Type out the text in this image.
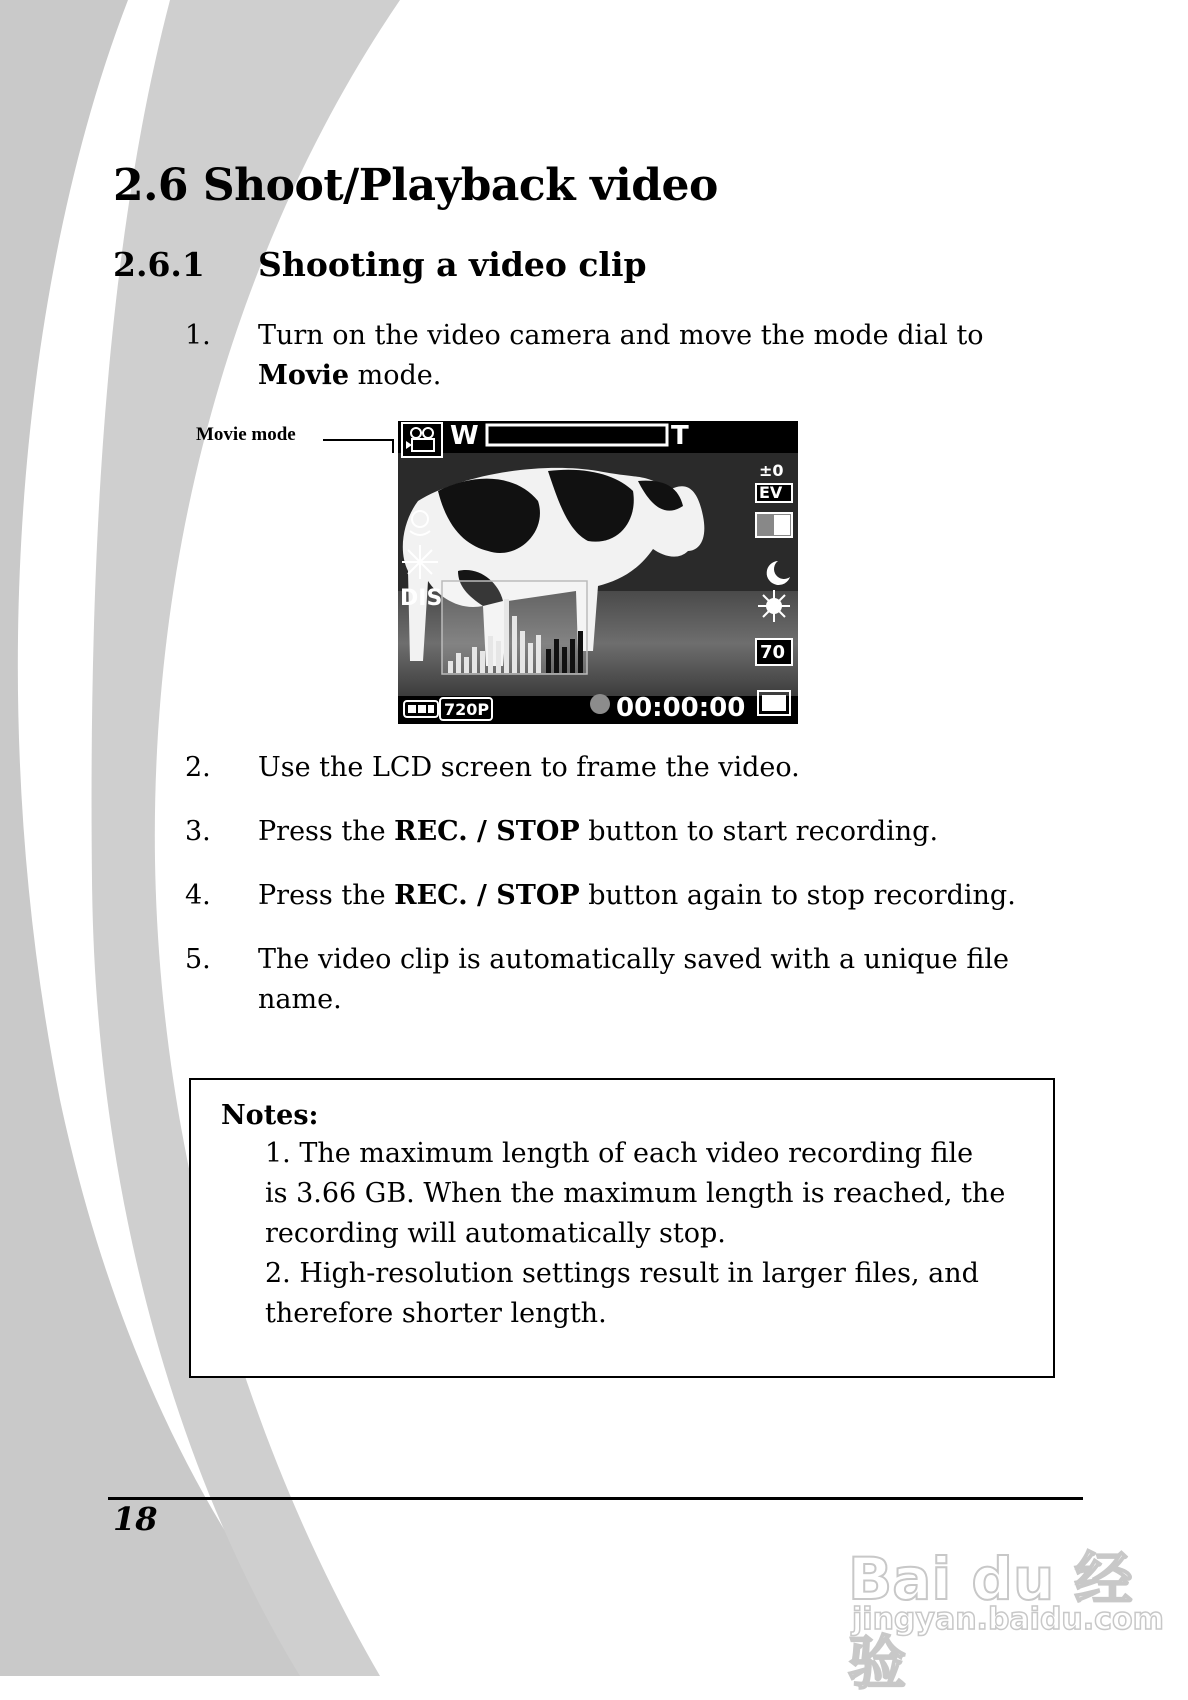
2.6 Shoot/Playback video
2.6.1 Shooting a video clip
1.	Turn on the video camera and move the mode dial to
Movie mode.
Movie mode	W	T
±0
EV
70
DIS
720P	00:00:00
2.	Use the LCD screen to frame the video.
3.	Press the REC. / STOP button to start recording.
4.	Press the REC. / STOP button again to stop recording.
5.	The video clip is automatically saved with a unique file name.
Notes:
1. The maximum length of each video recording file
is 3.66 GB. When the maximum length is reached, the
recording will automatically stop.
2. High-resolution settings result in larger files, and
therefore shorter length.
18
Bai du 经验
jingyan.baidu.com
